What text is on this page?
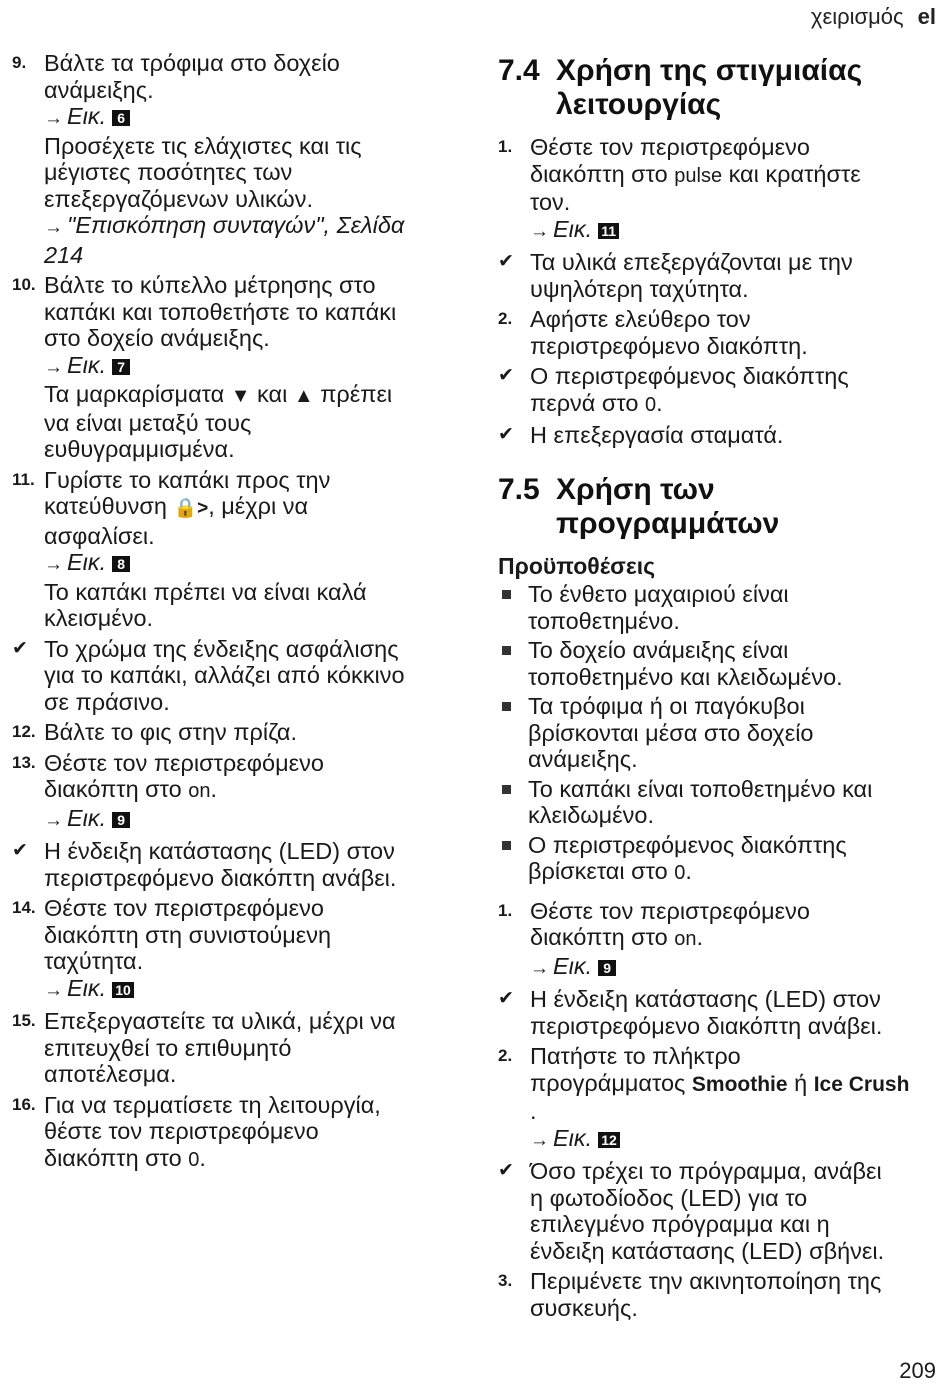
χειρισμός el
9. Βάλτε τα τρόφιμα στο δοχείο
ανάμειξης.
→ Εικ. 6
Προσέχετε τις ελάχιστες και τις
μέγιστες ποσότητες των
επεξεργαζόμενων υλικών.
→ "Επισκόπηση συνταγών", Σελίδα
214
10. Βάλτε το κύπελλο μέτρησης στο
καπάκι και τοποθετήστε το καπάκι
στο δοχείο ανάμειξης.
→ Εικ. 7
Τα μαρκαρίσματα ▼ και ▲ πρέπει
να είναι μεταξύ τους
ευθυγραμμισμένα.
11. Γυρίστε το καπάκι προς την
κατεύθυνση 🔒>, μέχρι να
ασφαλίσει.
→ Εικ. 8
Το καπάκι πρέπει να είναι καλά
κλεισμένο.
✔ Το χρώμα της ένδειξης ασφάλισης
για το καπάκι, αλλάζει από κόκκινο
σε πράσινο.
12. Βάλτε το φις στην πρίζα.
13. Θέστε τον περιστρεφόμενο
διακόπτη στο on.
→ Εικ. 9
✔ Η ένδειξη κατάστασης (LED) στον
περιστρεφόμενο διακόπτη ανάβει.
14. Θέστε τον περιστρεφόμενο
διακόπτη στη συνιστούμενη
ταχύτητα.
→ Εικ. 10
15. Επεξεργαστείτε τα υλικά, μέχρι να
επιτευχθεί το επιθυμητό
αποτέλεσμα.
16. Για να τερματίσετε τη λειτουργία,
θέστε τον περιστρεφόμενο
διακόπτη στο 0.
7.4 Χρήση της στιγμιαίας
λειτουργίας
1. Θέστε τον περιστρεφόμενο
διακόπτη στο pulse και κρατήστε
τον.
→ Εικ. 11
✔ Τα υλικά επεξεργάζονται με την
υψηλότερη ταχύτητα.
2. Αφήστε ελεύθερο τον
περιστρεφόμενο διακόπτη.
✔ Ο περιστρεφόμενος διακόπτης
περνά στο 0.
✔ Η επεξεργασία σταματά.
7.5 Χρήση των
προγραμμάτων
Προϋποθέσεις
Το ένθετο μαχαιριού είναι
τοποθετημένο.
Το δοχείο ανάμειξης είναι
τοποθετημένο και κλειδωμένο.
Τα τρόφιμα ή οι παγόκυβοι
βρίσκονται μέσα στο δοχείο
ανάμειξης.
Το καπάκι είναι τοποθετημένο και
κλειδωμένο.
Ο περιστρεφόμενος διακόπτης
βρίσκεται στο 0.
1. Θέστε τον περιστρεφόμενο
διακόπτη στο on.
→ Εικ. 9
✔ Η ένδειξη κατάστασης (LED) στον
περιστρεφόμενο διακόπτη ανάβει.
2. Πατήστε το πλήκτρο
προγράμματος Smoothie ή Ice Crush
.
→ Εικ. 12
✔ Όσο τρέχει το πρόγραμμα, ανάβει
η φωτοδίοδος (LED) για το
επιλεγμένο πρόγραμμα και η
ένδειξη κατάστασης (LED) σβήνει.
3. Περιμένετε την ακινητοποίηση της
συσκευής.
209
